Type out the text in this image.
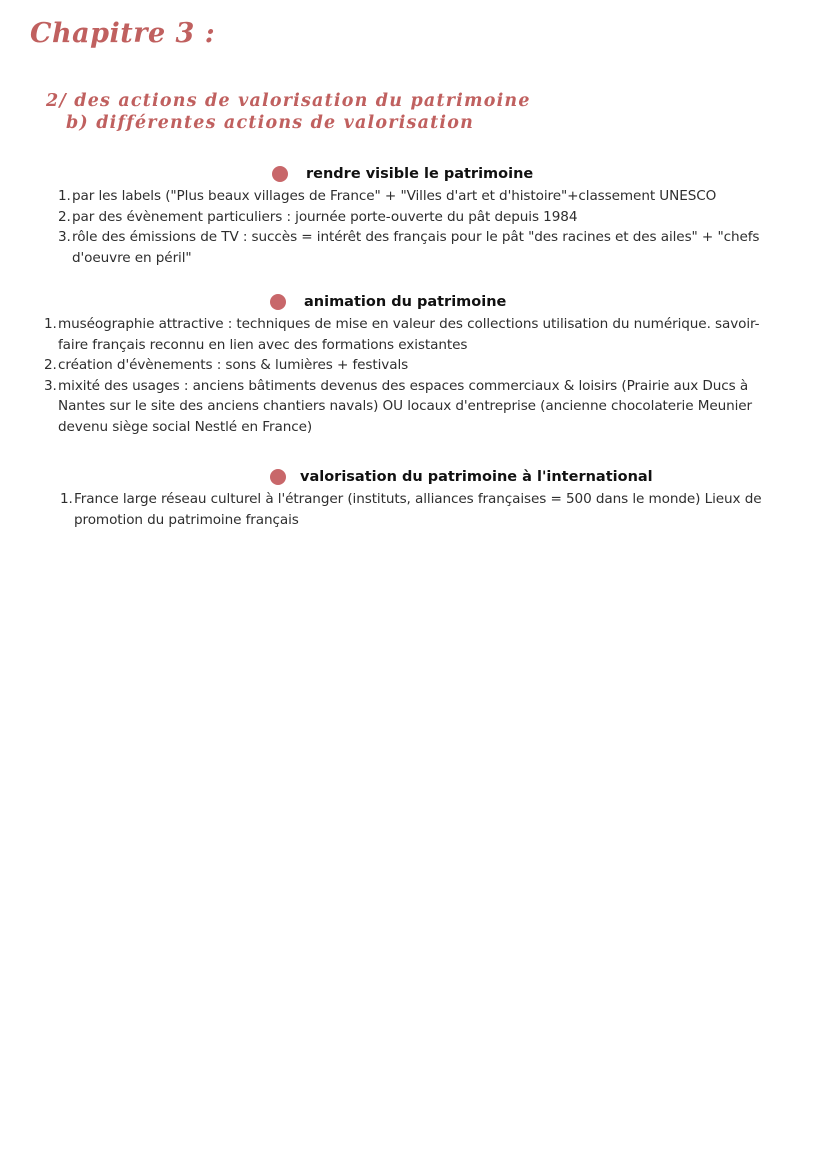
Chapitre 3 :
2/ des actions de valorisation du patrimoine
b) différentes actions de valorisation
rendre visible le patrimoine
1. par les labels ("Plus beaux villages de France" + "Villes d'art et d'histoire"+classement UNESCO
2. par des évènement particuliers : journée porte-ouverte du pât depuis 1984
3. rôle des émissions de TV : succès = intérêt des français pour le pât "des racines et des ailes" + "chefs d'oeuvre en péril"
animation du patrimoine
1. muséographie attractive : techniques de mise en valeur des collections utilisation du numérique. savoir-faire français reconnu en lien avec des formations existantes
2. création d'évènements : sons & lumières + festivals
3. mixité des usages : anciens bâtiments devenus des espaces commerciaux & loisirs (Prairie aux Ducs à Nantes sur le site des anciens chantiers navals) OU locaux d'entreprise (ancienne chocolaterie Meunier devenu siège social Nestlé en France)
valorisation du patrimoine à l'international
1. France large réseau culturel à l'étranger (instituts, alliances françaises = 500 dans le monde) Lieux de promotion du patrimoine français
